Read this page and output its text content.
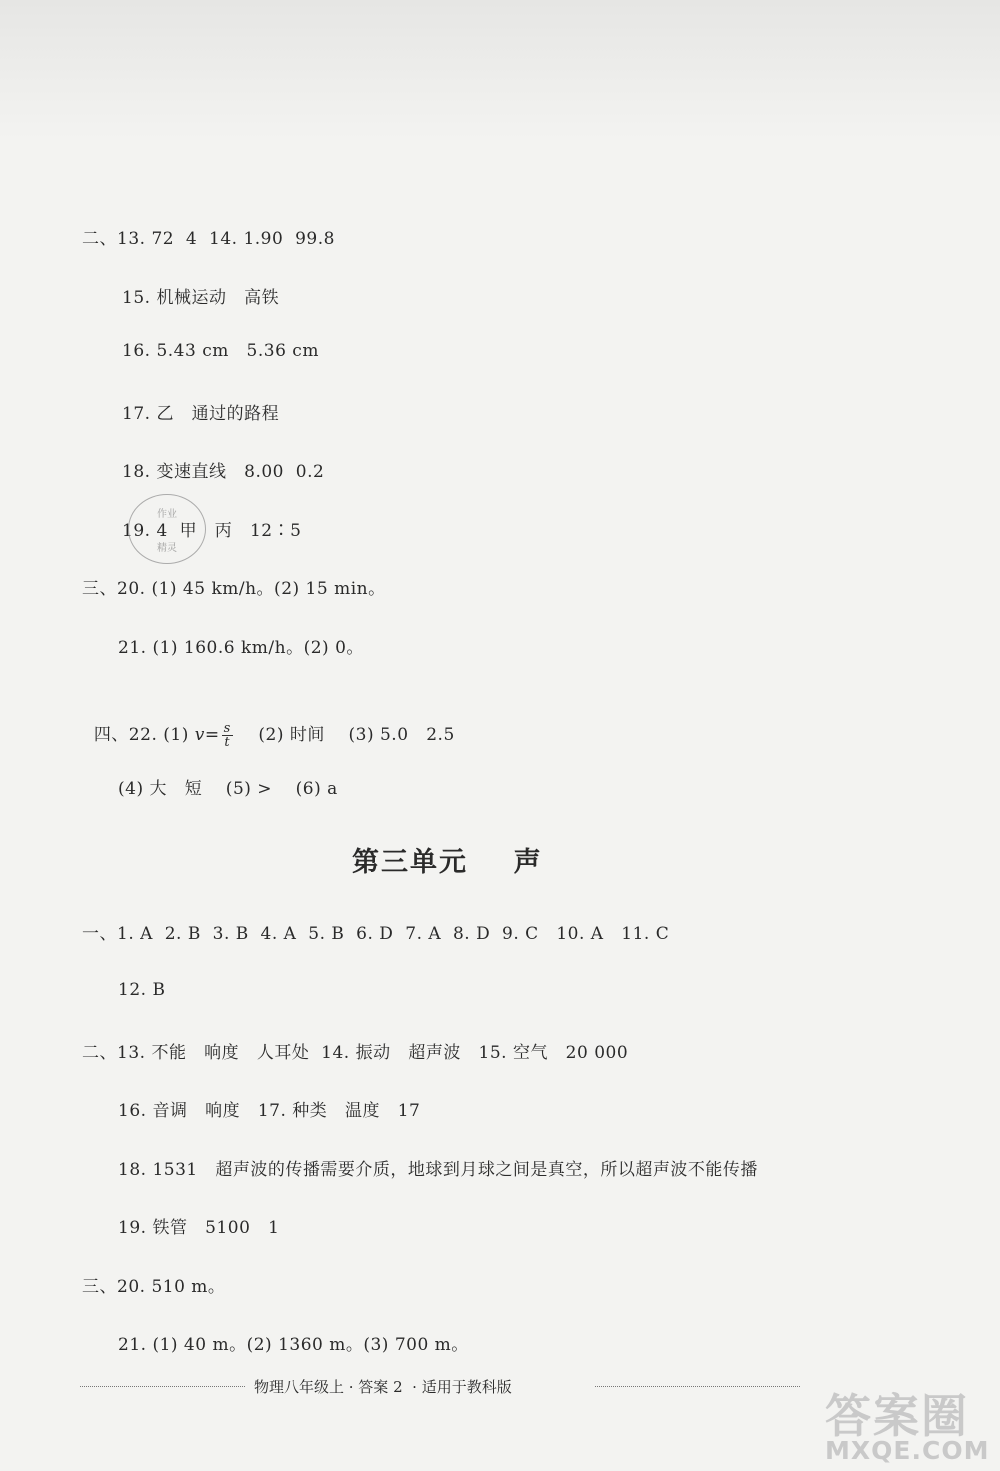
二、13. 72  4  14. 1.90  99.8
15. 机械运动   高铁
16. 5.43 cm   5.36 cm
17. 乙   通过的路程
18. 变速直线   8.00  0.2
19. 4  甲   丙   12∶5
作业
精灵
三、20. (1) 45 km/h。(2) 15 min。
21. (1) 160.6 km/h。(2) 0。

四、22. (1) $v= \frac{s}{t} (2)$ 时间    (3) 5.0   2.5

(4) 大   短    (5) >    (6) a
第三单元    声
一、1. A  2. B  3. B  4. A  5. B  6. D  7. A  8. D  9. C   10. A   11. C
12. B
二、13. 不能   响度   人耳处  14. 振动   超声波   15. 空气   20 000
16. 音调   响度   17. 种类   温度   17
18. 1531   超声波的传播需要介质，地球到月球之间是真空，所以超声波不能传播
19. 铁管   5100   1
三、20. 510 m。
21. (1) 40 m。(2) 1360 m。(3) 700 m。
物理八年级上 · 答案 2  · 适用于教科版
答案圈
MXQE.COM
